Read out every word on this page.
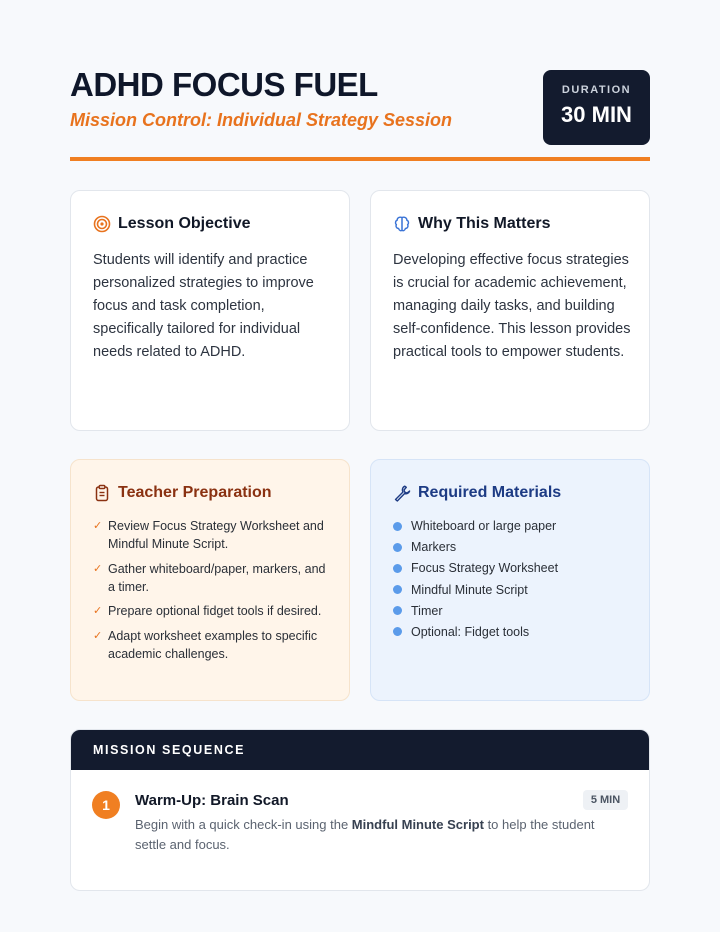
ADHD FOCUS FUEL
Mission Control: Individual Strategy Session
DURATION
30 MIN
Lesson Objective

Students will identify and practice personalized strategies to improve focus and task completion, specifically tailored for individual needs related to ADHD.

Why This Matters

Developing effective focus strategies is crucial for academic achievement, managing daily tasks, and building self-confidence. This lesson provides practical tools to empower students.

Teacher Preparation
✓ Review Focus Strategy Worksheet and Mindful Minute Script.
✓ Gather whiteboard/paper, markers, and a timer.
✓ Prepare optional fidget tools if desired.
✓ Adapt worksheet examples to specific academic challenges.
Required Materials
Whiteboard or large paper
Markers
Focus Strategy Worksheet
Mindful Minute Script
Timer
Optional: Fidget tools
MISSION SEQUENCE
1	Warm-Up: Brain Scan	5 MIN

Begin with a quick check-in using the Mindful Minute Script to help the student settle and focus.
